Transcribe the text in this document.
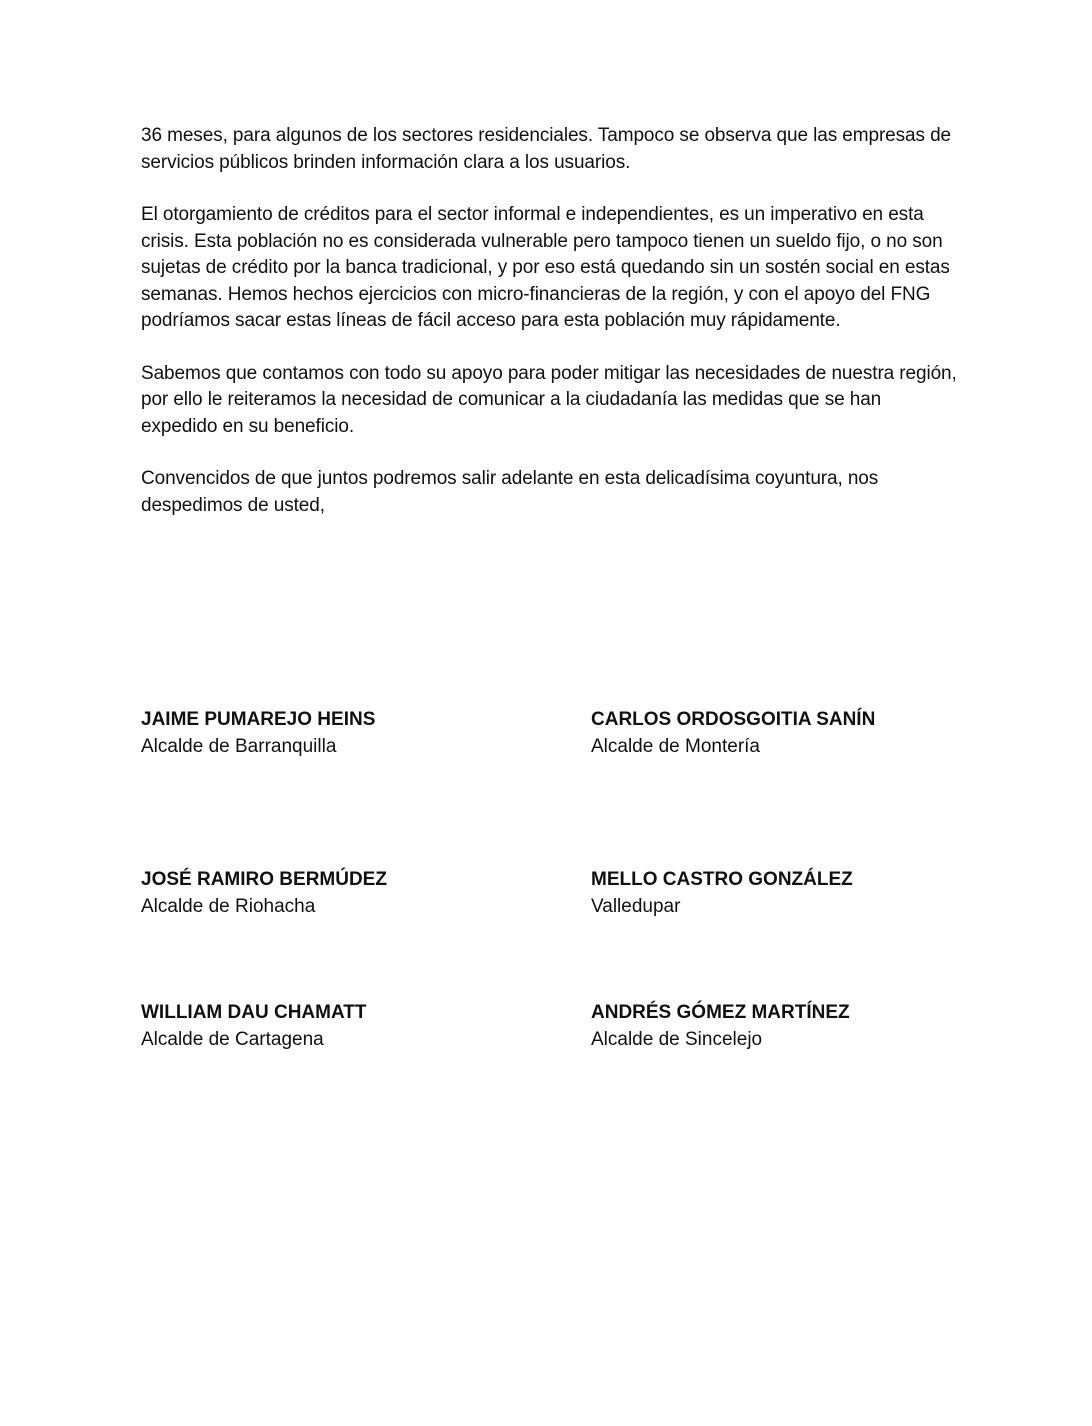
36 meses, para algunos de los sectores residenciales. Tampoco se observa que las empresas de servicios públicos brinden información clara a los usuarios.

El otorgamiento de créditos para el sector informal e independientes, es un imperativo en esta crisis. Esta población no es considerada vulnerable pero tampoco tienen un sueldo fijo, o no son sujetas de crédito por la banca tradicional, y por eso está quedando sin un sostén social en estas semanas. Hemos hechos ejercicios con micro-financieras de la región, y con el apoyo del FNG podríamos sacar estas líneas de fácil acceso para esta población muy rápidamente.

Sabemos que contamos con todo su apoyo para poder mitigar las necesidades de nuestra región, por ello le reiteramos la necesidad de comunicar a la ciudadanía las medidas que se han expedido en su beneficio.

Convencidos de que juntos podremos salir adelante en esta delicadísima coyuntura, nos despedimos de usted,

JAIME PUMAREJO HEINS

Alcalde de Barranquilla

CARLOS ORDOSGOITIA SANÍN

Alcalde de Montería

JOSÉ RAMIRO BERMÚDEZ

Alcalde de Riohacha

MELLO CASTRO GONZÁLEZ

Valledupar

WILLIAM DAU CHAMATT

Alcalde de Cartagena

ANDRÉS GÓMEZ MARTÍNEZ

Alcalde de Sincelejo
